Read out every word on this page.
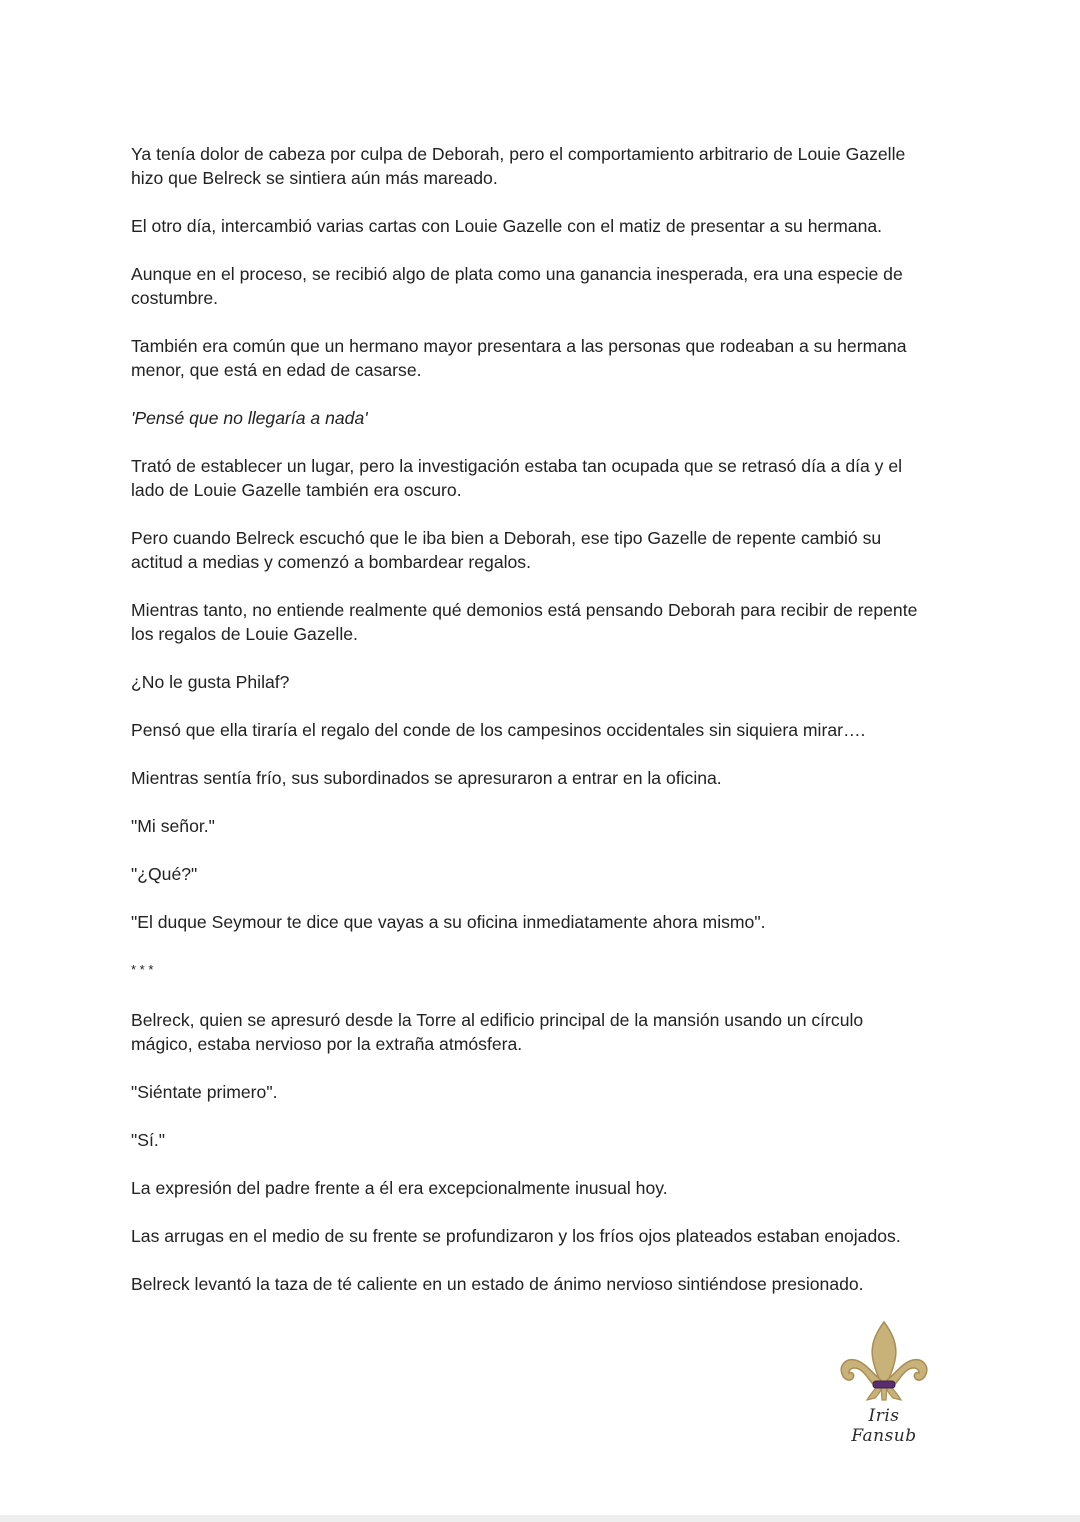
Ya tenía dolor de cabeza por culpa de Deborah, pero el comportamiento arbitrario de Louie Gazelle
hizo que Belreck se sintiera aún más mareado.

El otro día, intercambió varias cartas con Louie Gazelle con el matiz de presentar a su hermana.

Aunque en el proceso, se recibió algo de plata como una ganancia inesperada, era una especie de
costumbre.

También era común que un hermano mayor presentara a las personas que rodeaban a su hermana
menor, que está en edad de casarse.

'Pensé que no llegaría a nada'

Trató de establecer un lugar, pero la investigación estaba tan ocupada que se retrasó día a día y el
lado de Louie Gazelle también era oscuro.

Pero cuando Belreck escuchó que le iba bien a Deborah, ese tipo Gazelle de repente cambió su
actitud a medias y comenzó a bombardear regalos.

Mientras tanto, no entiende realmente qué demonios está pensando Deborah para recibir de repente
los regalos de Louie Gazelle.

¿No le gusta Philaf?

Pensó que ella tiraría el regalo del conde de los campesinos occidentales sin siquiera mirar….

Mientras sentía frío, sus subordinados se apresuraron a entrar en la oficina.

"Mi señor."

"¿Qué?"

"El duque Seymour te dice que vayas a su oficina inmediatamente ahora mismo".

* * *

Belreck, quien se apresuró desde la Torre al edificio principal de la mansión usando un círculo
mágico, estaba nervioso por la extraña atmósfera.

"Siéntate primero".

"Sí."

La expresión del padre frente a él era excepcionalmente inusual hoy.

Las arrugas en el medio de su frente se profundizaron y los fríos ojos plateados estaban enojados.

Belreck levantó la taza de té caliente en un estado de ánimo nervioso sintiéndose presionado.

Iris Fansub
